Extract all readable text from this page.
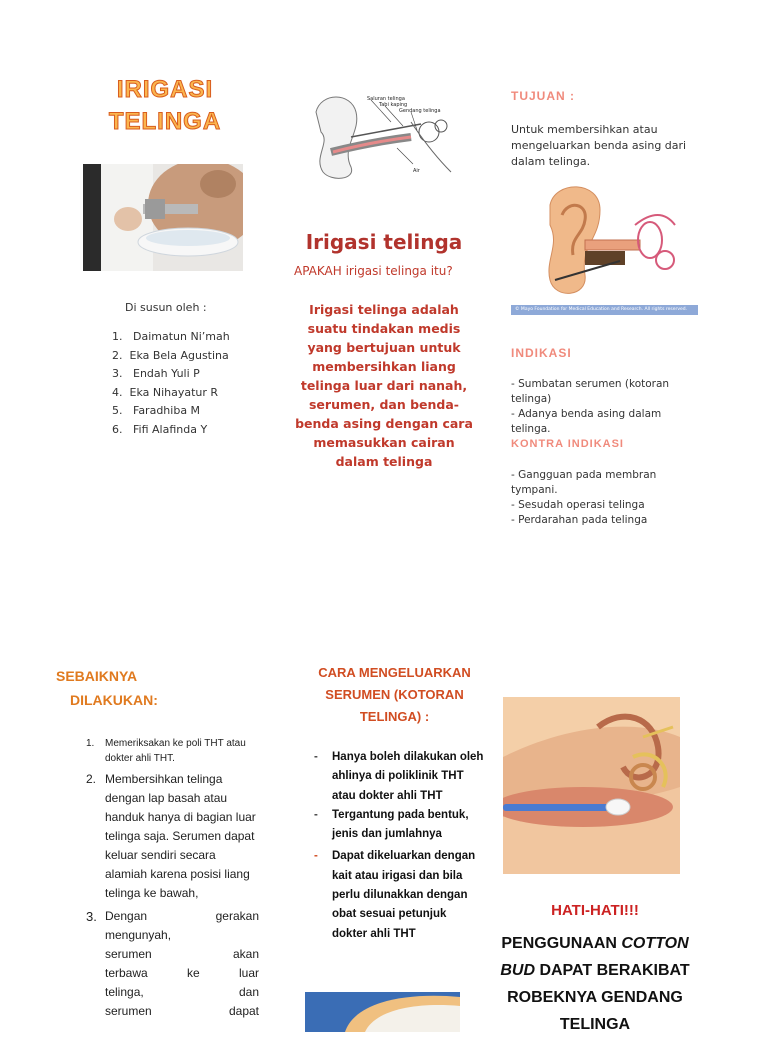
IRIGASI
TELINGA
Di susun oleh :
1.   Daimatun Ni’mah
2.  Eka Bela Agustina
3.   Endah Yuli P
4.  Eka Nihayatur R
5.   Faradhiba M
6.   Fifi Alafinda Y
Saluran telinga
Tabi kaping
Gendang telinga
Air
Irigasi telinga
APAKAH irigasi telinga itu?
Irigasi telinga adalah suatu tindakan medis yang bertujuan untuk membersihkan liang telinga luar dari nanah, serumen, dan benda-benda asing dengan cara memasukkan cairan dalam telinga
TUJUAN :
Untuk membersihkan atau mengeluarkan benda asing dari dalam telinga.
© Mayo Foundation for Medical Education and Research. All rights reserved.
INDIKASI
- Sumbatan serumen (kotoran telinga)
- Adanya benda asing dalam telinga.
KONTRA INDIKASI
- Gangguan pada membran tympani.
- Sesudah operasi telinga
- Perdarahan pada telinga
SEBAIKNYA
DILAKUKAN:
1. Memeriksakan ke poli THT atau dokter ahli THT.
2. Membersihkan telinga dengan lap basah atau handuk hanya di bagian luar telinga saja. Serumen dapat keluar sendiri secara alamiah karena posisi liang telinga ke bawah,
3. Dengan	gerakan
mengunyah,
serumen	akan
terbawa	ke	luar
telinga,	dan
serumen	dapat
CARA MENGELUARKAN SERUMEN (KOTORAN TELINGA) :
- Hanya boleh dilakukan oleh ahlinya di poliklinik THT atau dokter ahli THT
- Tergantung pada bentuk, jenis dan jumlahnya
- Dapat dikeluarkan dengan kait atau irigasi dan bila perlu dilunakkan dengan obat sesuai petunjuk dokter ahli THT
HATI-HATI!!!
PENGGUNAAN COTTON BUD DAPAT BERAKIBAT ROBEKNYA GENDANG TELINGA
